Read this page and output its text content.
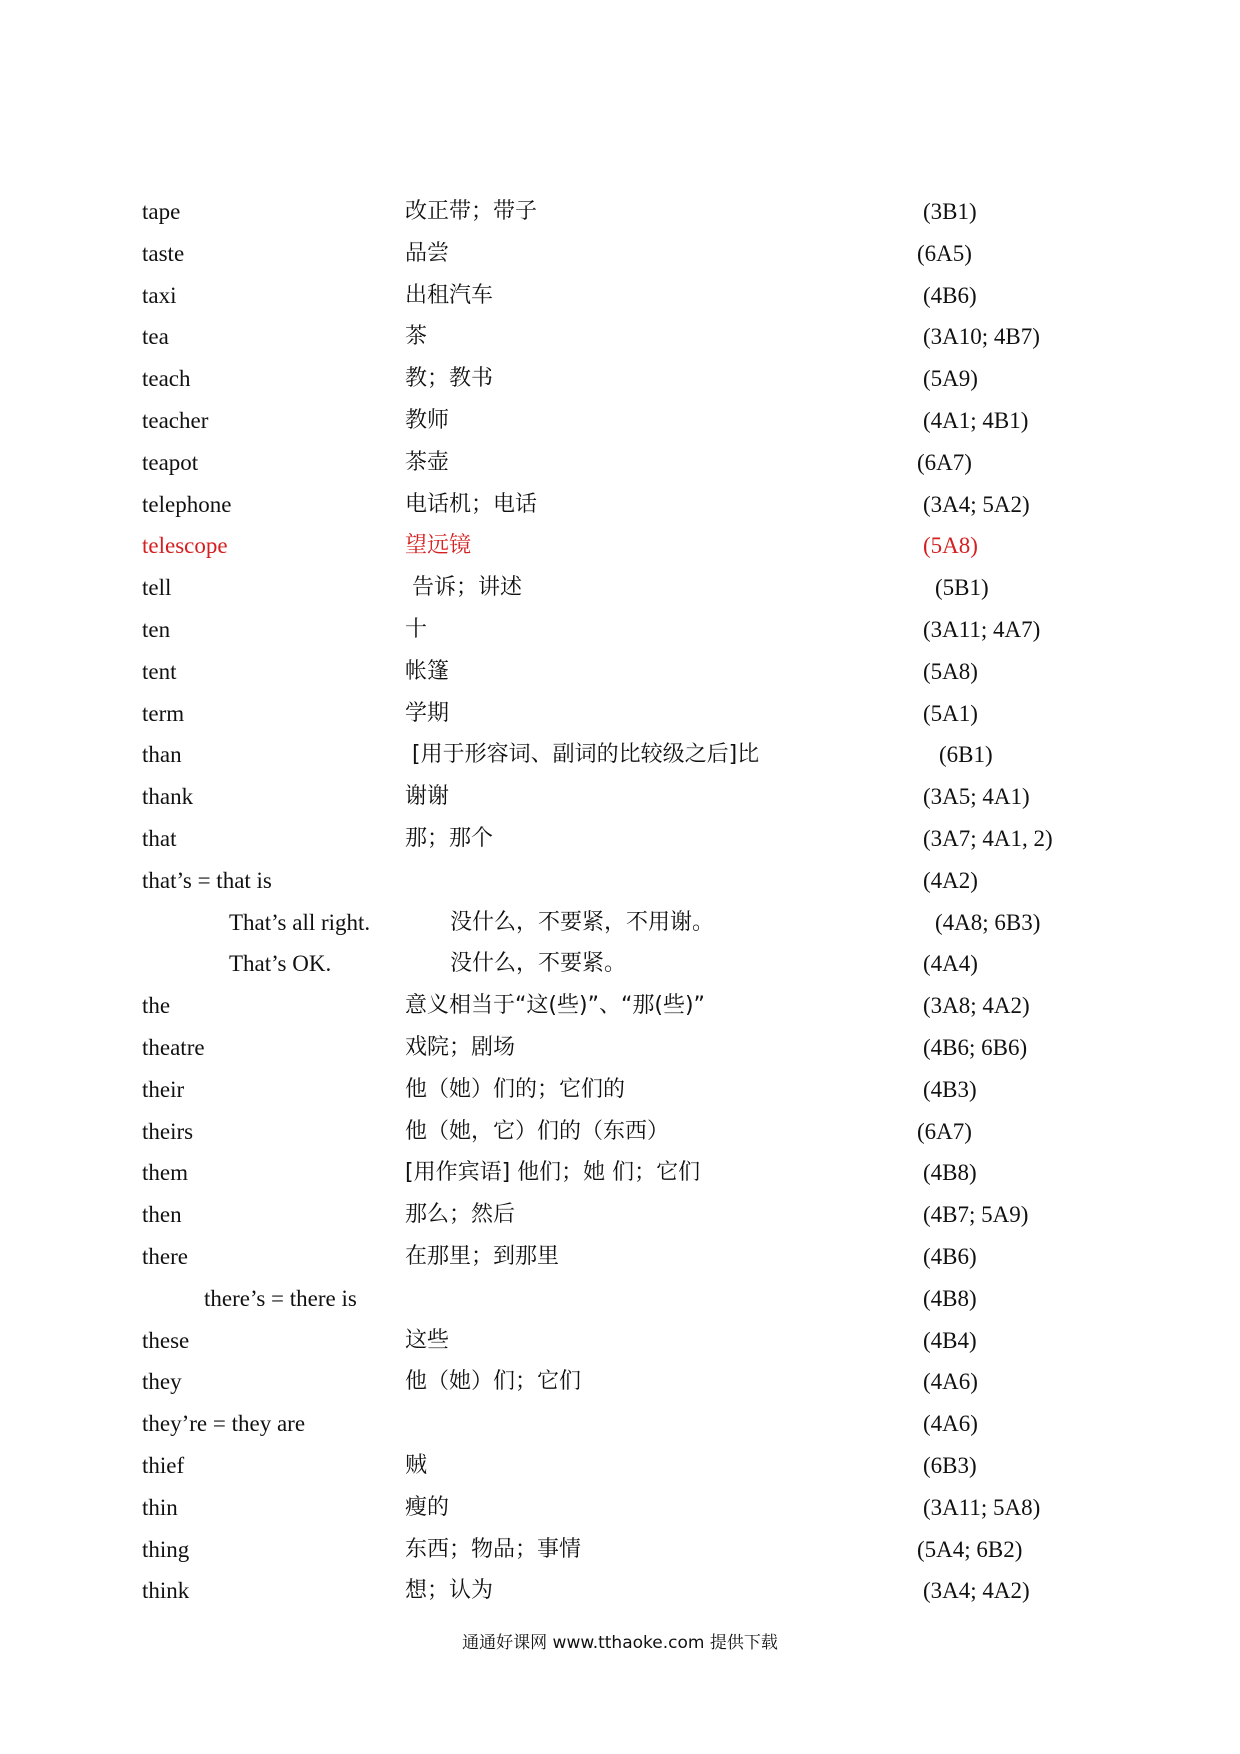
tape	改正带；带子	(3B1)
taste	品尝	(6A5)
taxi	出租汽车	(4B6)
tea	茶	(3A10; 4B7)
teach	教；教书	(5A9)
teacher	教师	(4A1; 4B1)
teapot	茶壶	(6A7)
telephone	电话机；电话	(3A4; 5A2)
telescope	望远镜	(5A8)
tell	告诉；讲述	(5B1)
ten	十	(3A11; 4A7)
tent	帐篷	(5A8)
term	学期	(5A1)
than	[用于形容词、副词的比较级之后]比	(6B1)
thank	谢谢	(3A5; 4A1)
that	那；那个	(3A7; 4A1, 2)
that’s = that is	(4A2)
That’s all right.	没什么，不要紧，不用谢。	(4A8; 6B3)
That’s OK.	没什么，不要紧。	(4A4)
the	意义相当于“这(些)”、“那(些)”	(3A8; 4A2)
theatre	戏院；剧场	(4B6; 6B6)
their	他（她）们的；它们的	(4B3)
theirs	他（她，它）们的（东西）	(6A7)
them	[用作宾语] 他们；她 们；它们	(4B8)
then	那么；然后	(4B7; 5A9)
there	在那里；到那里	(4B6)
there’s = there is	(4B8)
these	这些	(4B4)
they	他（她）们；它们	(4A6)
they’re = they are	(4A6)
thief	贼	(6B3)
thin	瘦的	(3A11; 5A8)
thing	东西；物品；事情	(5A4; 6B2)
think	想；认为	(3A4; 4A2)
通通好课网 www.tthaoke.com 提供下载
